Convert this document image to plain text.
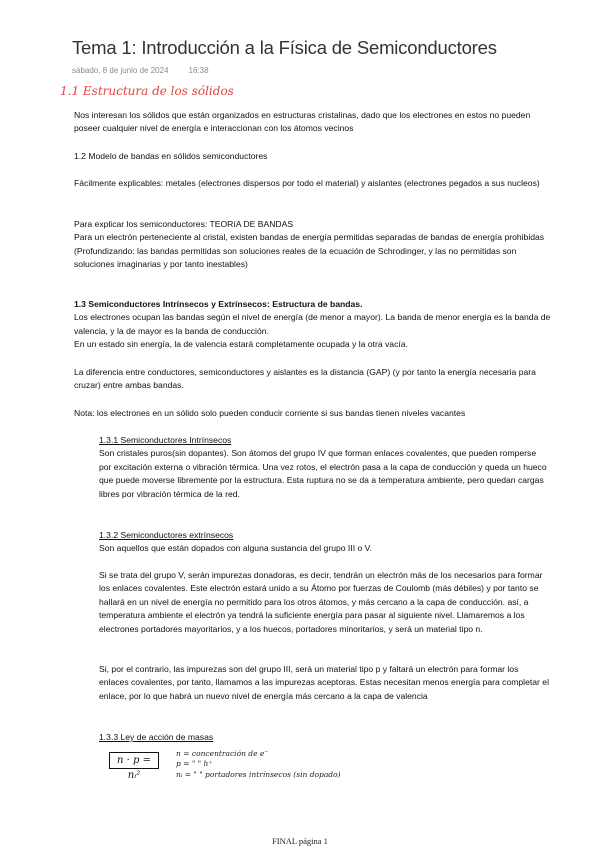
Tema 1: Introducción a la Física de Semiconductores
sábado, 8 de junio de 2024	16:38
1.1 Estructura de los sólidos

Nos interesan los sólidos que están organizados en estructuras cristalinas, dado que los electrones en estos no pueden poseer cualquier nivel de energía e interaccionan con los átomos vecinos

1.2 Modelo de bandas en sólidos semiconductores

Fácilmente explicables: metales (electrones dispersos por todo el material) y aislantes (electrones pegados a sus nucleos)

Para explicar los semiconductores: TEORíA DE BANDAS

Para un electrón perteneciente al cristal, existen bandas de energía permitidas separadas de bandas de energía prohibidas

(Profundizando: las bandas permitidas son soluciones reales de la ecuación de Schrodinger, y las no permitidas son soluciones imaginarias y por tanto inestables)

1.3 Semiconductores Intrínsecos y Extrínsecos: Estructura de bandas.

Los electrones ocupan las bandas según el nivel de energía (de menor a mayor). La banda de menor energía es la banda de valencia, y la de mayor es la banda de conducción.

En un estado sin energía, la de valencia estará completamente ocupada y la otra vacía.

La diferencia entre conductores, semiconductores y aislantes es la distancia (GAP) (y por tanto la energía necesaria para cruzar) entre ambas bandas.

Nota: los electrones en un sólido solo pueden conducir corriente si sus bandas tienen niveles vacantes

1.3.1 Semiconductores Intrínsecos

Son cristales puros(sin dopantes). Son átomos del grupo IV que forman enlaces covalentes, que pueden romperse por excitación externa o vibración térmica. Una vez rotos, el electrón pasa a la capa de conducción y queda un hueco que puede moverse libremente por la estructura. Esta ruptura no se da a temperatura ambiente, pero quedan cargas libres por vibración térmica de la red.

1.3.2 Semiconductores extrínsecos

Son aquellos que están dopados con alguna sustancia del grupo III o V.

Si se trata del grupo V, serán impurezas donadoras, es decir, tendrán un electrón más de los necesarios para formar los enlaces covalentes. Este electrón estará unido a su Átomo por fuerzas de Coulomb (más débiles) y por tanto se hallará en un nivel de energía no permitido para los otros átomos, y más cercano a la capa de conducción. así, a temperatura ambiente el electrón ya tendrá la suficiente energía para pasar al siguiente nivel. Llamaremos a los electrones portadores mayoritarios, y a los huecos, portadores minoritarios, y será un material tipo n.

Si, por el contrario, las impurezas son del grupo III, será un material tipo p y faltará un electrón para formar los enlaces covalentes, por tanto, llamamos a las impurezas aceptoras. Estas necesitan menos energía para completar el enlace, por lo que habrá un nuevo nivel de energía más cercano a la capa de valencia

1.3.3 Ley de acción de masas

n · p = nᵢ²
n = concentración de e⁻
p = " " h⁺
nᵢ = " " portadores intrínsecos (sin dopado)
FINAL página 1
